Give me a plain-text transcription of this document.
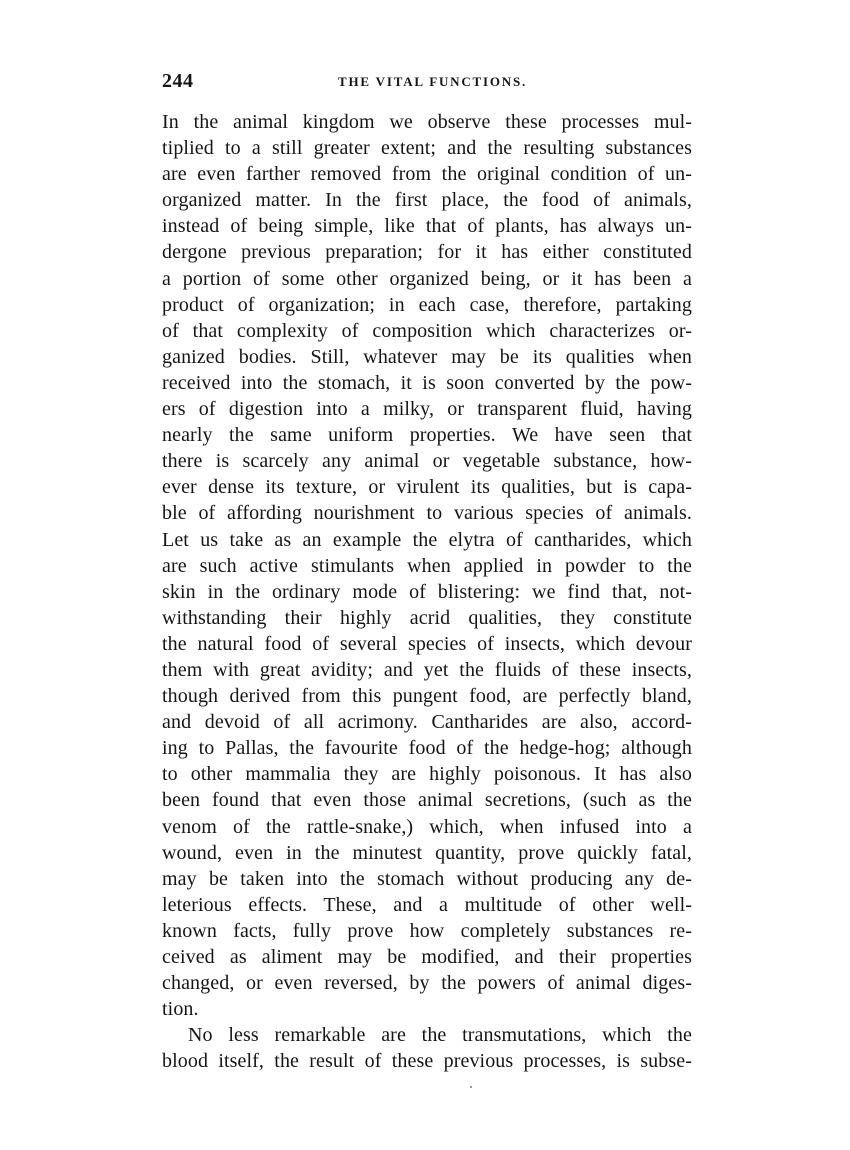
244	THE VITAL FUNCTIONS.
In the animal kingdom we observe these processes mul-
tiplied to a still greater extent; and the resulting substances
are even farther removed from the original condition of un-
organized matter. In the first place, the food of animals,
instead of being simple, like that of plants, has always un-
dergone previous preparation; for it has either constituted
a portion of some other organized being, or it has been a
product of organization; in each case, therefore, partaking
of that complexity of composition which characterizes or-
ganized bodies. Still, whatever may be its qualities when
received into the stomach, it is soon converted by the pow-
ers of digestion into a milky, or transparent fluid, having
nearly the same uniform properties. We have seen that
there is scarcely any animal or vegetable substance, how-
ever dense its texture, or virulent its qualities, but is capa-
ble of affording nourishment to various species of animals.
Let us take as an example the elytra of cantharides, which
are such active stimulants when applied in powder to the
skin in the ordinary mode of blistering: we find that, not-
withstanding their highly acrid qualities, they constitute
the natural food of several species of insects, which devour
them with great avidity; and yet the fluids of these insects,
though derived from this pungent food, are perfectly bland,
and devoid of all acrimony. Cantharides are also, accord-
ing to Pallas, the favourite food of the hedge-hog; although
to other mammalia they are highly poisonous. It has also
been found that even those animal secretions, (such as the
venom of the rattle-snake,) which, when infused into a
wound, even in the minutest quantity, prove quickly fatal,
may be taken into the stomach without producing any de-
leterious effects. These, and a multitude of other well-
known facts, fully prove how completely substances re-
ceived as aliment may be modified, and their properties
changed, or even reversed, by the powers of animal diges-
tion.
No less remarkable are the transmutations, which the
blood itself, the result of these previous processes, is subse-
